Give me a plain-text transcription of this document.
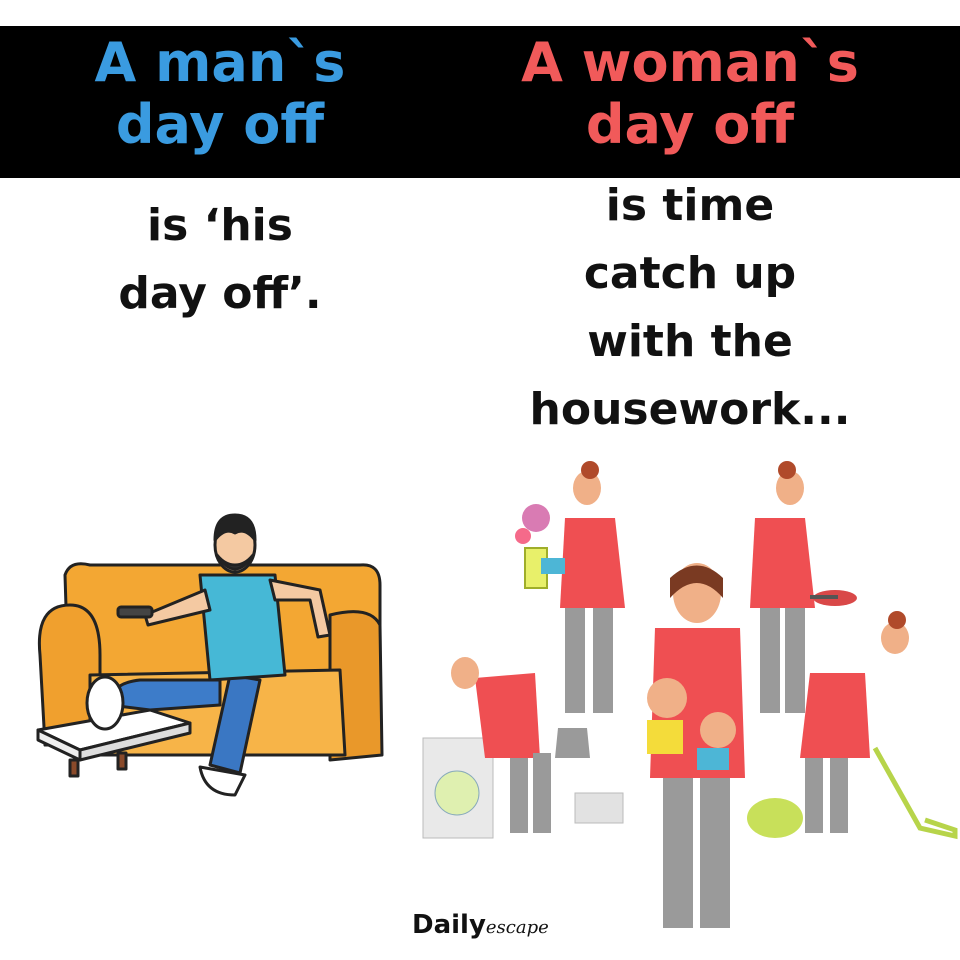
A man`s
day off
A woman`s
day off
is ‘his
day off’.
is time
catch up
with the
housework...
Dailyescape
